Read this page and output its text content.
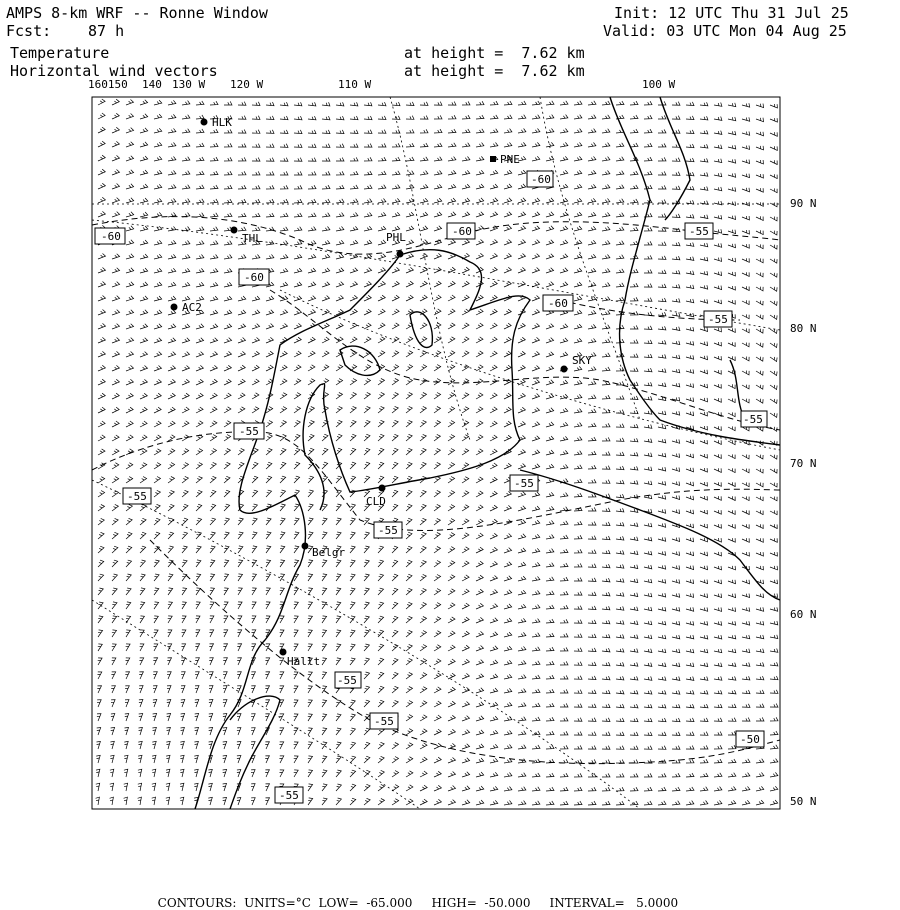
AMPS 8-km WRF -- Ronne Window
Fcst: 87 h
Init: 12 UTC Thu 31 Jul 25
Valid: 03 UTC Mon 04 Aug 25
Temperature	at height =  7.62 km
Horizontal wind vectors	at height =  7.62 km
160150 140 130 W 120 W	110 W	100 W
90 N
80 N
70 N
60 N
50 N
HLK
PNE
THL	PHL
AC2
SKY
CLD
Belgr
Hallt
-60
-60	-60
-60
-55
-60
-55
-55
-55
-55
-55
-55
-55
-55
-55
-50

CONTOURS: UNITS=°C LOW=  -65.000 HIGH=  -50.000 INTERVAL=   5.0000
